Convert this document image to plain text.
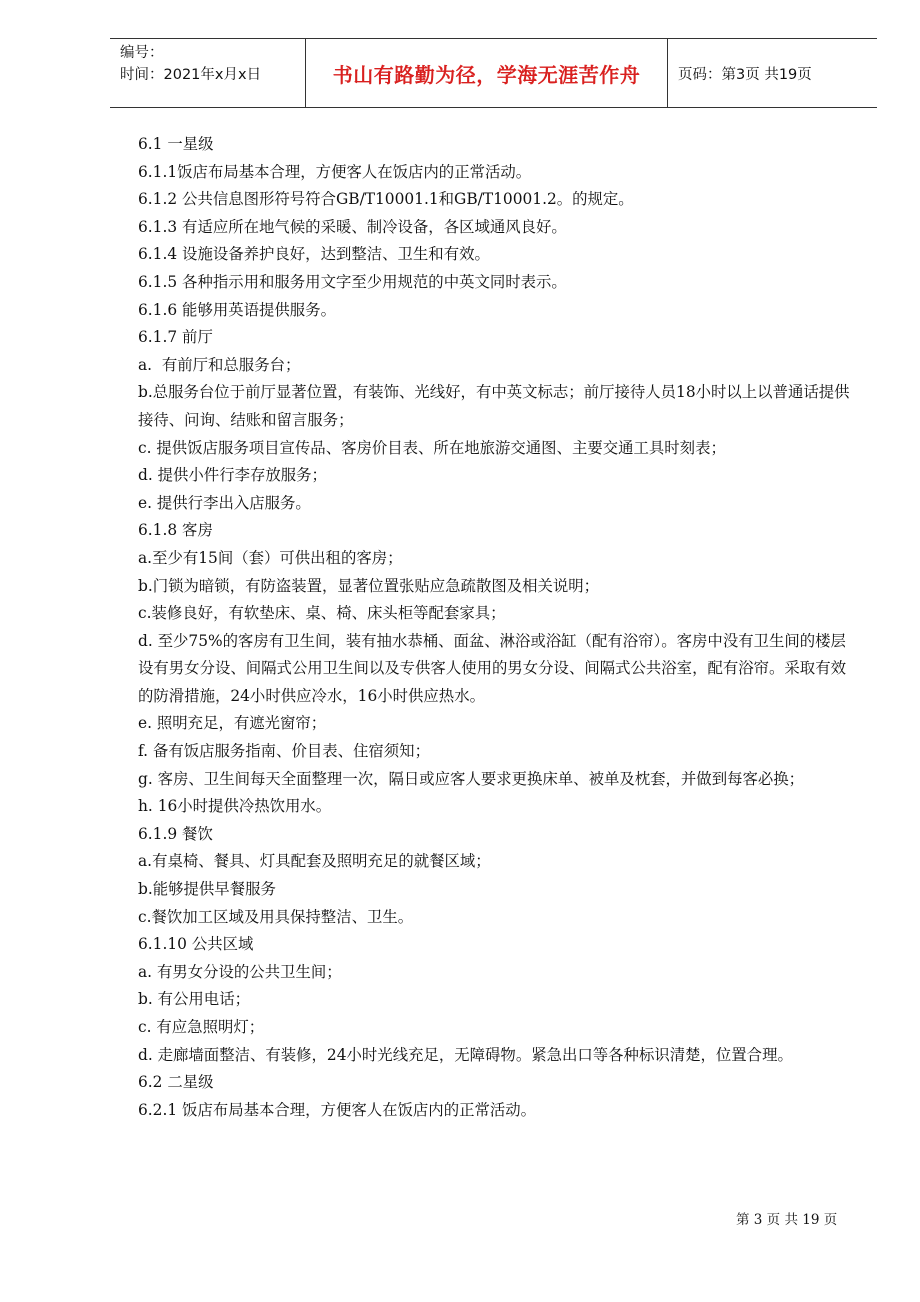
编号：
时间：2021年x月x日	书山有路勤为径，学海无涯苦作舟	页码：第3页 共19页
6.1 一星级
6.1.1饭店布局基本合理，方便客人在饭店内的正常活动。
6.1.2 公共信息图形符号符合GB/T10001.1和GB/T10001.2。的规定。
6.1.3 有适应所在地气候的采暖、制冷设备，各区域通风良好。
6.1.4 设施设备养护良好，达到整洁、卫生和有效。
6.1.5 各种指示用和服务用文字至少用规范的中英文同时表示。
6.1.6 能够用英语提供服务。
6.1.7 前厅
a.  有前厅和总服务台；
b.总服务台位于前厅显著位置，有装饰、光线好，有中英文标志；前厅接待人员18小时以上以普通话提供接待、问询、结账和留言服务；
c. 提供饭店服务项目宣传品、客房价目表、所在地旅游交通图、主要交通工具时刻表；
d. 提供小件行李存放服务；
e. 提供行李出入店服务。
6.1.8 客房
a.至少有15间（套）可供出租的客房；
b.门锁为暗锁，有防盗装置，显著位置张贴应急疏散图及相关说明；
c.装修良好，有软垫床、桌、椅、床头柜等配套家具；
d. 至少75%的客房有卫生间，装有抽水恭桶、面盆、淋浴或浴缸（配有浴帘）。客房中没有卫生间的楼层设有男女分设、间隔式公用卫生间以及专供客人使用的男女分设、间隔式公共浴室，配有浴帘。采取有效的防滑措施，24小时供应冷水，16小时供应热水。
e. 照明充足，有遮光窗帘；
f. 备有饭店服务指南、价目表、住宿须知；
g. 客房、卫生间每天全面整理一次，隔日或应客人要求更换床单、被单及枕套，并做到每客必换；
h. 16小时提供冷热饮用水。
6.1.9 餐饮
a.有桌椅、餐具、灯具配套及照明充足的就餐区域；
b.能够提供早餐服务
c.餐饮加工区域及用具保持整洁、卫生。
6.1.10 公共区域
a. 有男女分设的公共卫生间；
b. 有公用电话；
c. 有应急照明灯；
d. 走廊墙面整洁、有装修，24小时光线充足，无障碍物。紧急出口等各种标识清楚，位置合理。
6.2 二星级
6.2.1 饭店布局基本合理，方便客人在饭店内的正常活动。
第 3 页 共 19 页
